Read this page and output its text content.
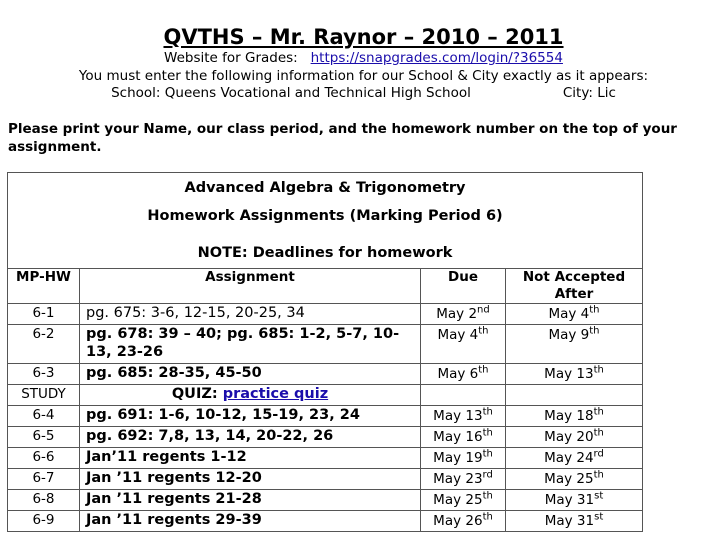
QVTHS – Mr. Raynor – 2010 – 2011
Website for Grades: https://snapgrades.com/login/?36554
You must enter the following information for our School & City exactly as it appears:
School: Queens Vocational and Technical High School	City: Lic
Please print your Name, our class period, and the homework number on the top of your assignment.
Advanced Algebra & Trigonometry
Homework Assignments (Marking Period 6)
NOTE: Deadlines for homework			

MP-HW	Assignment	Due	Not Accepted After
6-1	pg. 675: 3-6, 12-15, 20-25, 34	May 2nd	May 4th
6-2	pg. 678: 39 – 40; pg. 685: 1-2, 5-7, 10-13, 23-26	May 4th	May 9th
6-3	pg. 685: 28-35, 45-50	May 6th	May 13th
STUDY	QUIZ: practice quiz		
6-4	pg. 691: 1-6, 10-12, 15-19, 23, 24	May 13th	May 18th
6-5	pg. 692: 7,8, 13, 14, 20-22, 26	May 16th	May 20th
6-6	Jan’11 regents 1-12	May 19th	May 24rd
6-7	Jan ’11 regents 12-20	May 23rd	May 25th
6-8	Jan ’11 regents 21-28	May 25th	May 31st
6-9	Jan ’11 regents 29-39	May 26th	May 31st
